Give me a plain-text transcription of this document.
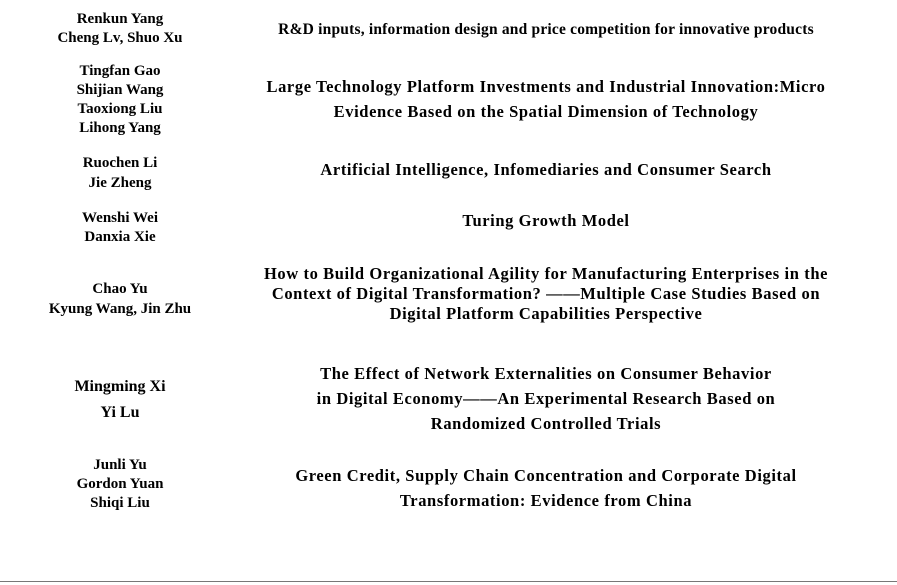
Renkun Yang
Cheng Lv, Shuo Xu	R&D inputs, information design and price competition for innovative products
Tingfan Gao
Shijian Wang
Taoxiong Liu
Lihong Yang
Large Technology Platform Investments and Industrial Innovation:Micro
Evidence Based on the Spatial Dimension of Technology
Ruochen Li
Jie Zheng
Artificial Intelligence, Infomediaries and Consumer Search
Wenshi Wei
Danxia Xie
Turing Growth Model
Chao Yu
Kyung Wang, Jin Zhu
How to Build Organizational Agility for Manufacturing Enterprises in the
Context of Digital Transformation? ——Multiple Case Studies Based on
Digital Platform Capabilities Perspective
Mingming Xi
Yi Lu
The Effect of Network Externalities on Consumer Behavior
in Digital Economy——An Experimental Research Based on
Randomized Controlled Trials
Junli Yu
Gordon Yuan
Shiqi Liu
Green Credit, Supply Chain Concentration and Corporate Digital
Transformation: Evidence from China
